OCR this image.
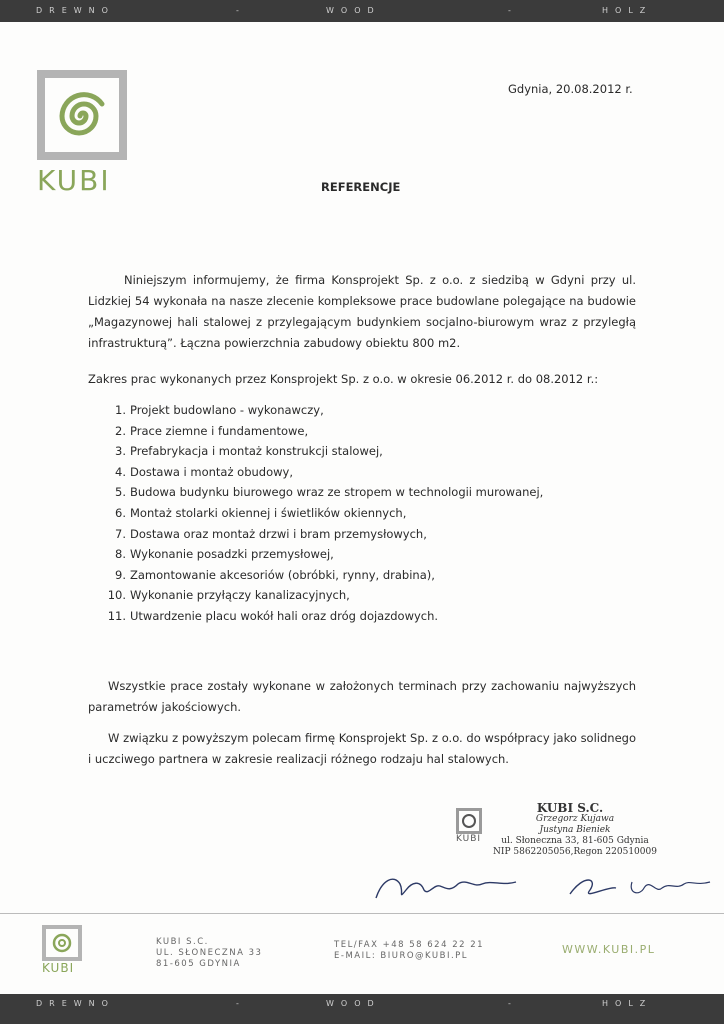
DREWNO	-	WOOD	-	HOLZ
KUBI
Gdynia, 20.08.2012 r.
REFERENCJE
Niniejszym informujemy, że firma Konsprojekt Sp. z o.o. z siedzibą w Gdyni przy ul. Lidzkiej 54 wykonała na nasze zlecenie kompleksowe prace budowlane polegające na budowie „Magazynowej hali stalowej z przylegającym budynkiem socjalno-biurowym wraz z przyległą infrastrukturą”. Łączna powierzchnia zabudowy obiektu 800 m2.
Zakres prac wykonanych przez Konsprojekt Sp. z o.o. w okresie 06.2012 r. do 08.2012 r.:
1. Projekt budowlano - wykonawczy,
2. Prace ziemne i fundamentowe,
3. Prefabrykacja i montaż konstrukcji stalowej,
4. Dostawa i montaż obudowy,
5. Budowa budynku biurowego wraz ze stropem w technologii murowanej,
6. Montaż stolarki okiennej i świetlików okiennych,
7. Dostawa oraz montaż drzwi i bram przemysłowych,
8. Wykonanie posadzki przemysłowej,
9. Zamontowanie akcesoriów (obróbki, rynny, drabina),
10. Wykonanie przyłączy kanalizacyjnych,
11. Utwardzenie placu wokół hali oraz dróg dojazdowych.
Wszystkie prace zostały wykonane w założonych terminach przy zachowaniu najwyższych parametrów jakościowych.
W związku z powyższym polecam firmę Konsprojekt Sp. z o.o. do współpracy jako solidnego i uczciwego partnera w zakresie realizacji różnego rodzaju hal stalowych.
KUBI
KUBI S.C.
Grzegorz Kujawa
Justyna Bieniek
ul. Słoneczna 33, 81-605 Gdynia
NIP 5862205056,Regon 220510009
KUBI
KUBI S.C.
UL. SŁONECZNA 33
81-605 GDYNIA
TEL/FAX +48 58 624 22 21
E-MAIL: BIURO@KUBI.PL	WWW.KUBI.PL
DREWNO	-	WOOD	-	HOLZ
